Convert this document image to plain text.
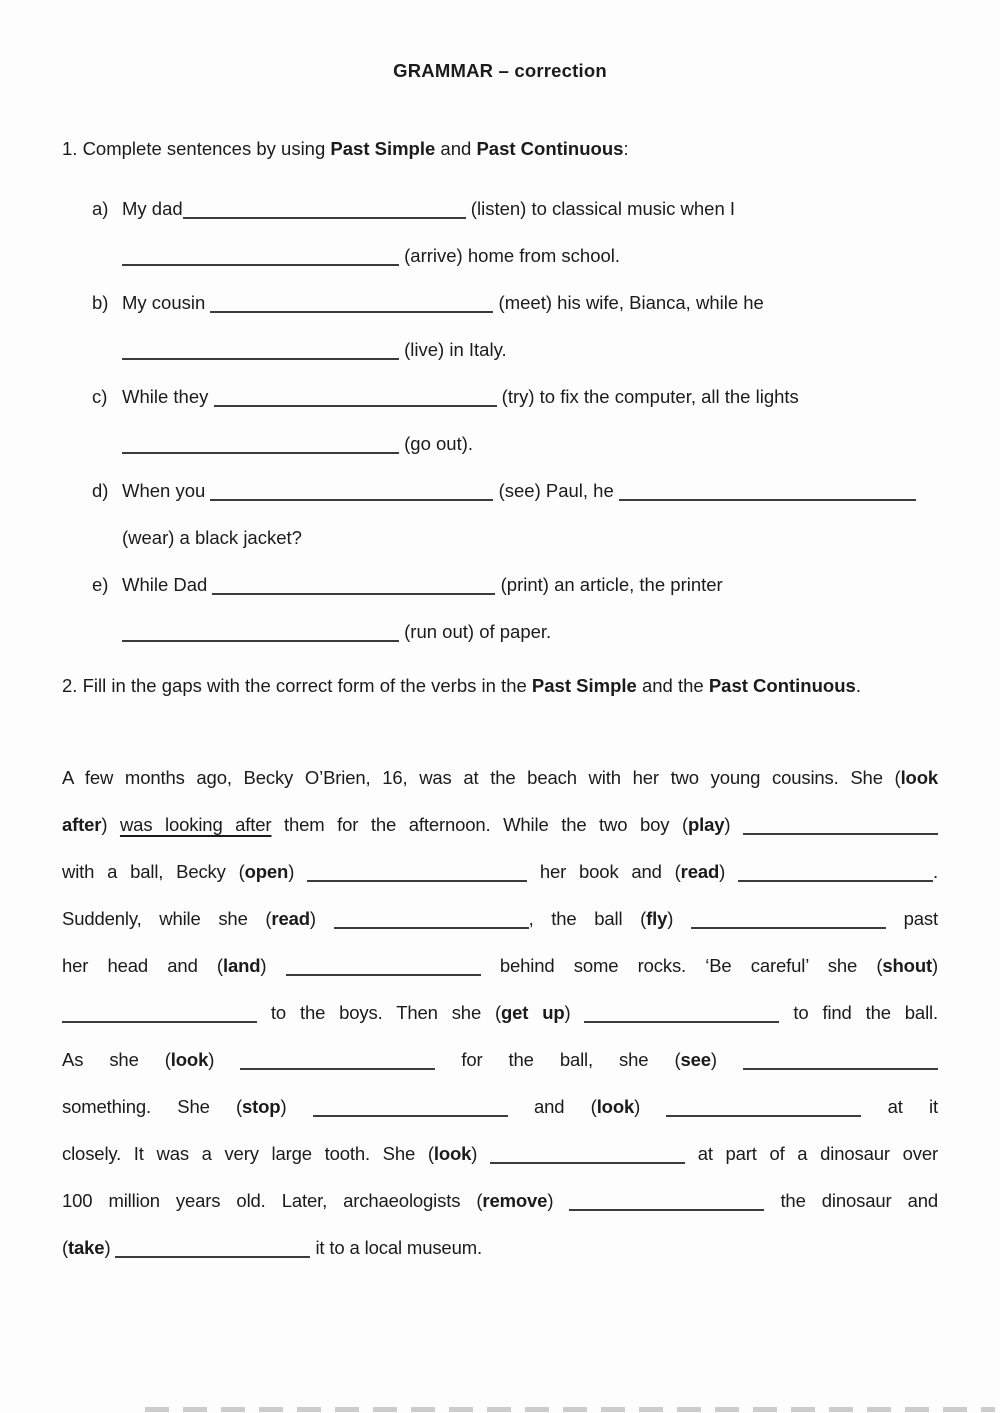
GRAMMAR – correction
1. Complete sentences by using Past Simple and Past Continuous:
a) My dad	(listen) to classical music when I
(arrive) home from school.
b) My cousin	(meet) his wife, Bianca, while he
(live) in Italy.
c) While they	(try) to fix the computer, all the lights
(go out).
d) When you	(see) Paul, he
(wear) a black jacket?
e) While Dad	(print) an article, the printer
(run out) of paper.
2. Fill in the gaps with the correct form of the verbs in the Past Simple and the Past Continuous.
A few months ago, Becky O’Brien, 16, was at the beach with her two young cousins. She (look
after) was looking after them for the afternoon. While the two boy (play)
with a ball, Becky (open)	her book and (read)	.
Suddenly, while she (read)	, the ball (fly)	past
her head and (land)	behind some rocks. ‘Be careful’ she (shout)
to the boys. Then she (get up)	to find the ball.
As she (look)	for the ball, she (see)
something. She (stop)	and (look)	at it
closely. It was a very large tooth. She (look)	at part of a dinosaur over
100 million years old. Later, archaeologists (remove)	the dinosaur and
(take)	it to a local museum.
